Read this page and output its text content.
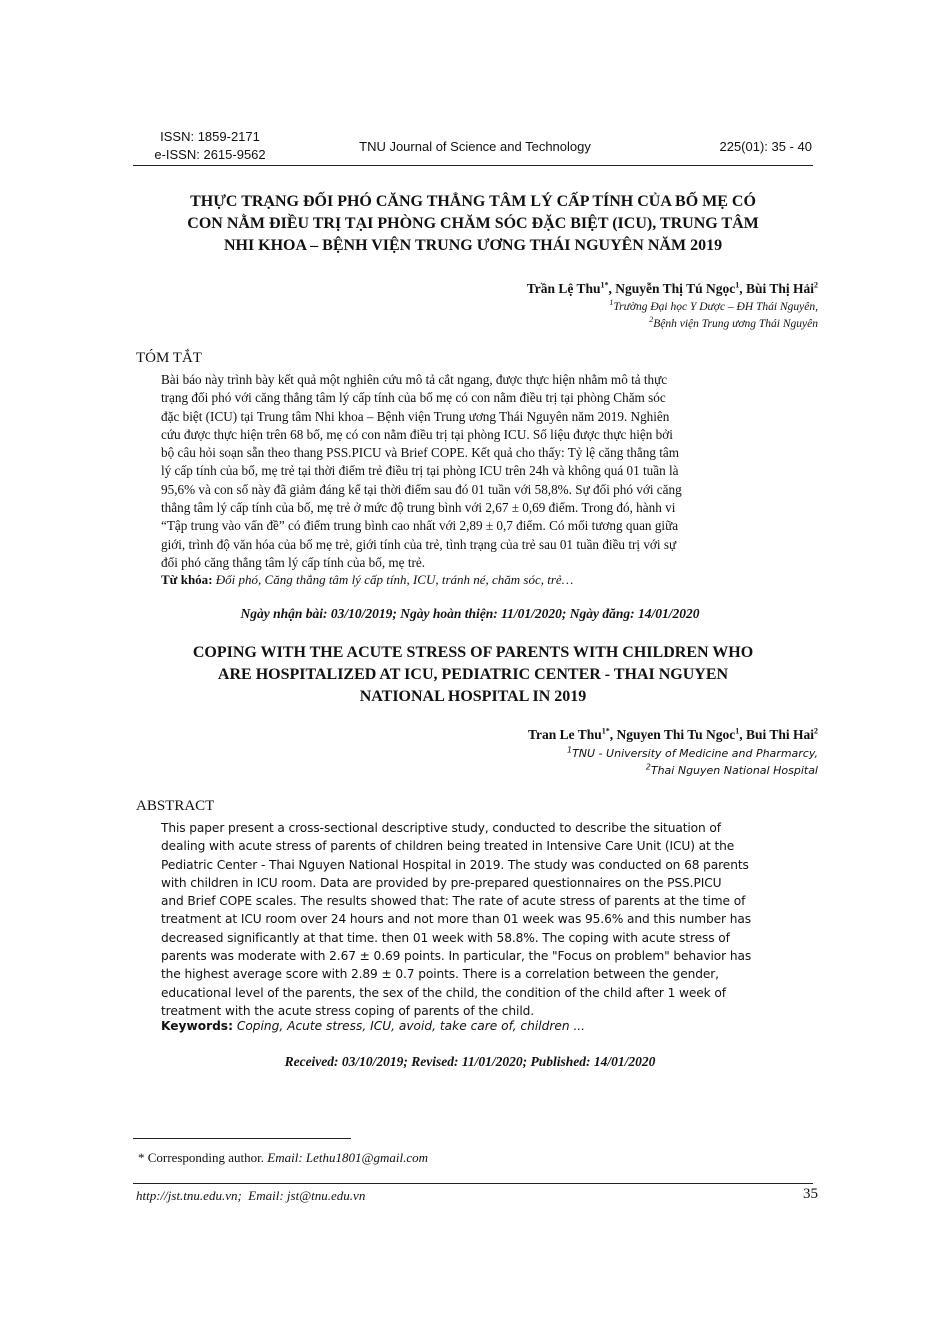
ISSN: 1859-2171
e-ISSN: 2615-9562
TNU Journal of Science and Technology	225(01): 35 - 40
THỰC TRẠNG ĐỐI PHÓ CĂNG THẲNG TÂM LÝ CẤP TÍNH CỦA BỐ MẸ CÓ
CON NẰM ĐIỀU TRỊ TẠI PHÒNG CHĂM SÓC ĐẶC BIỆT (ICU), TRUNG TÂM
NHI KHOA – BỆNH VIỆN TRUNG ƯƠNG THÁI NGUYÊN NĂM 2019
Trần Lệ Thu$^{1*}$, Nguyễn Thị Tú Ngọc$^1$, Bùi Thị Hải$^2$
$^1$Trường Đại học Y Dược – ĐH Thái Nguyên,
$^2$Bệnh viện Trung ương Thái Nguyên
TÓM TẮT
Bài báo này trình bày kết quả một nghiên cứu mô tả cắt ngang, được thực hiện nhằm mô tả thực
trạng đối phó với căng thẳng tâm lý cấp tính của bố mẹ có con nằm điều trị tại phòng Chăm sóc
đặc biệt (ICU) tại Trung tâm Nhi khoa – Bệnh viện Trung ương Thái Nguyên năm 2019. Nghiên
cứu được thực hiện trên 68 bố, mẹ có con nằm điều trị tại phòng ICU. Số liệu được thực hiện bởi
bộ câu hỏi soạn sẵn theo thang PSS.PICU và Brief COPE. Kết quả cho thấy: Tỷ lệ căng thẳng tâm
lý cấp tính của bố, mẹ trẻ tại thời điểm trẻ điều trị tại phòng ICU trên 24h và không quá 01 tuần là
95,6% và con số này đã giảm đáng kể tại thời điểm sau đó 01 tuần với 58,8%. Sự đối phó với căng
thẳng tâm lý cấp tính của bố, mẹ trẻ ở mức độ trung bình với 2,67 ± 0,69 điểm. Trong đó, hành vi
“Tập trung vào vấn đề” có điểm trung bình cao nhất với 2,89 ± 0,7 điểm. Có mối tương quan giữa
giới, trình độ văn hóa của bố mẹ trẻ, giới tính của trẻ, tình trạng của trẻ sau 01 tuần điều trị với sự
đối phó căng thẳng tâm lý cấp tính của bố, mẹ trẻ.
Từ khóa: Đối phó, Căng thẳng tâm lý cấp tính, ICU, tránh né, chăm sóc, trẻ…
Ngày nhận bài: 03/10/2019; Ngày hoàn thiện: 11/01/2020; Ngày đăng: 14/01/2020
COPING WITH THE ACUTE STRESS OF PARENTS WITH CHILDREN WHO
ARE HOSPITALIZED AT ICU, PEDIATRIC CENTER - THAI NGUYEN
NATIONAL HOSPITAL IN 2019
Tran Le Thu$^{1*}$, Nguyen Thi Tu Ngoc$^1$, Bui Thi Hai$^2$
$^1$TNU - University of Medicine and Pharmarcy,
$^2$Thai Nguyen National Hospital
ABSTRACT
This paper present a cross-sectional descriptive study, conducted to describe the situation of
dealing with acute stress of parents of children being treated in Intensive Care Unit (ICU) at the
Pediatric Center - Thai Nguyen National Hospital in 2019. The study was conducted on 68 parents
with children in ICU room. Data are provided by pre-prepared questionnaires on the PSS.PICU
and Brief COPE scales. The results showed that: The rate of acute stress of parents at the time of
treatment at ICU room over 24 hours and not more than 01 week was 95.6% and this number has
decreased significantly at that time. then 01 week with 58.8%. The coping with acute stress of
parents was moderate with 2.67 ± 0.69 points. In particular, the "Focus on problem" behavior has
the highest average score with 2.89 ± 0.7 points. There is a correlation between the gender,
educational level of the parents, the sex of the child, the condition of the child after 1 week of
treatment with the acute stress coping of parents of the child.
Keywords: Coping, Acute stress, ICU, avoid, take care of, children ...
Received: 03/10/2019; Revised: 11/01/2020; Published: 14/01/2020
* Corresponding author. Email: Lethu1801@gmail.com
http://jst.tnu.edu.vn;  Email: jst@tnu.edu.vn	35
